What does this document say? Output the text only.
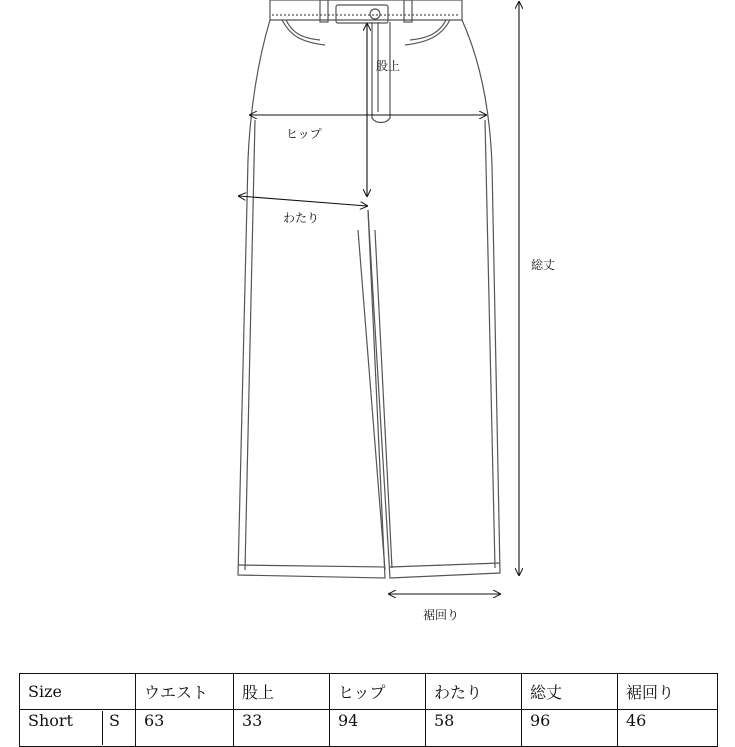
股上
ヒップ
わたり
総丈
裾回り
Size	ウエスト	股上	ヒップ	わたり	総丈	裾回り

Short S	63	33	94	58	96	46
